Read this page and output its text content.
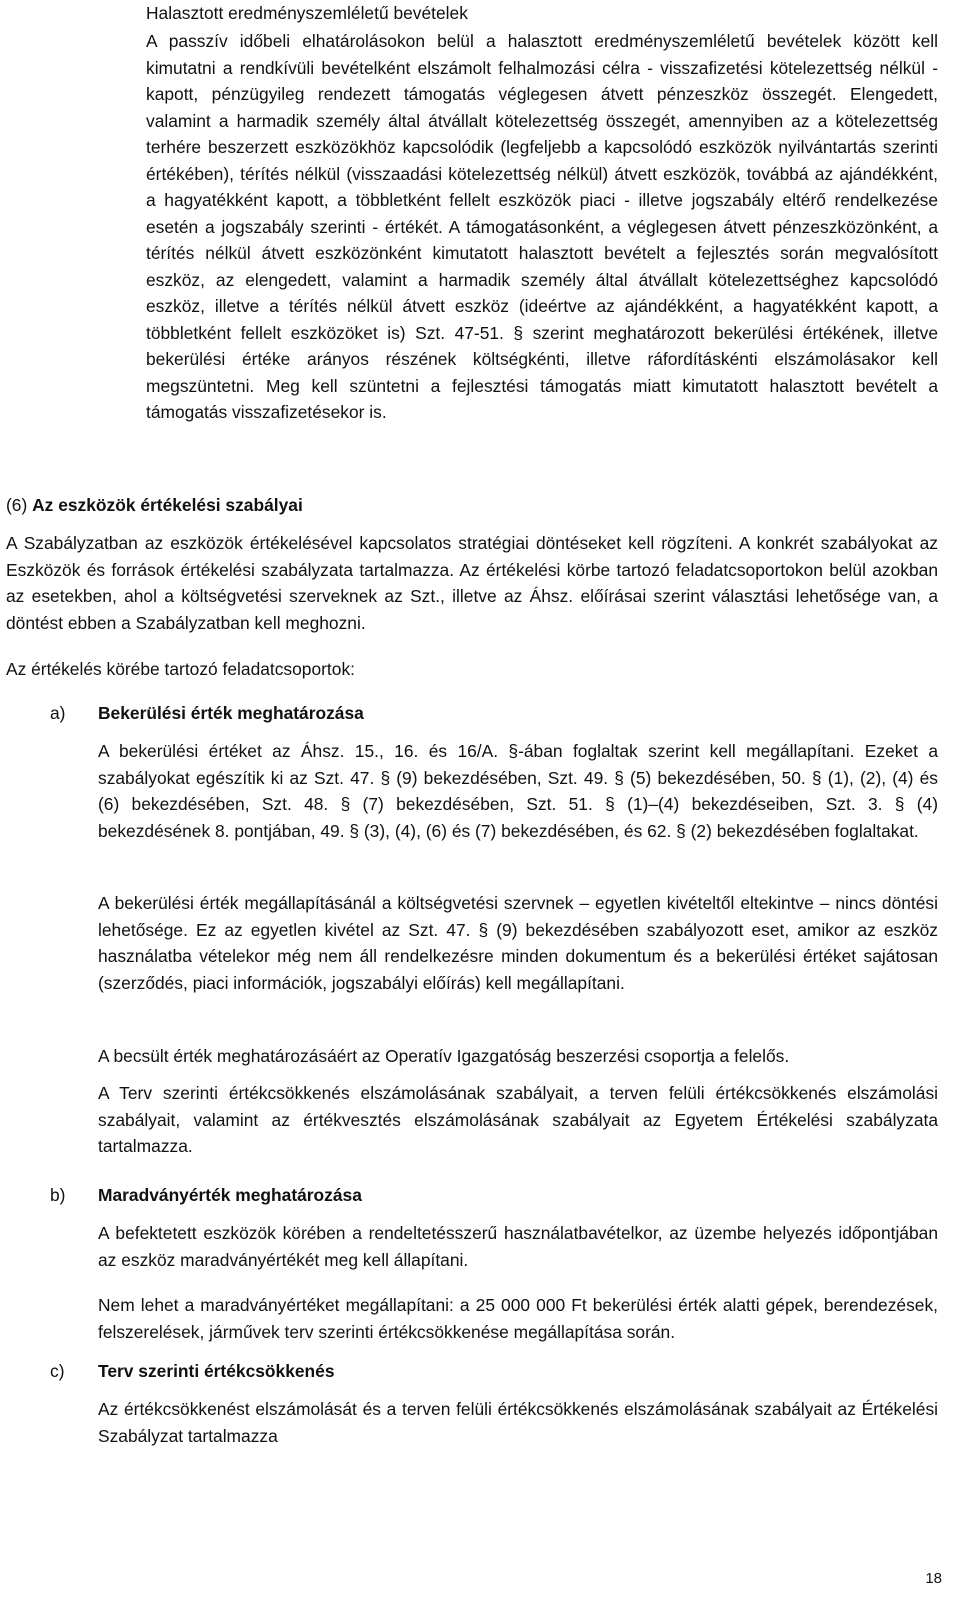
Halasztott eredményszemléletű bevételek

A passzív időbeli elhatárolásokon belül a halasztott eredményszemléletű bevételek között kell kimutatni a rendkívüli bevételként elszámolt felhalmozási célra - visszafizetési kötelezettség nélkül - kapott, pénzügyileg rendezett támogatás véglegesen átvett pénzeszköz összegét. Elengedett, valamint a harmadik személy által átvállalt kötelezettség összegét, amennyiben az a kötelezettség terhére beszerzett eszközökhöz kapcsolódik (legfeljebb a kapcsolódó eszközök nyilvántartás szerinti értékében), térítés nélkül (visszaadási kötelezettség nélkül) átvett eszközök, továbbá az ajándékként, a hagyatékként kapott, a többletként fellelt eszközök piaci - illetve jogszabály eltérő rendelkezése esetén a jogszabály szerinti - értékét. A támogatásonként, a véglegesen átvett pénzeszközönként, a térítés nélkül átvett eszközönként kimutatott halasztott bevételt a fejlesztés során megvalósított eszköz, az elengedett, valamint a harmadik személy által átvállalt kötelezettséghez kapcsolódó eszköz, illetve a térítés nélkül átvett eszköz (ideértve az ajándékként, a hagyatékként kapott, a többletként fellelt eszközöket is) Szt. 47-51. § szerint meghatározott bekerülési értékének, illetve bekerülési értéke arányos részének költségkénti, illetve ráfordításkénti elszámolásakor kell megszüntetni. Meg kell szüntetni a fejlesztési támogatás miatt kimutatott halasztott bevételt a támogatás visszafizetésekor is.

(6) Az eszközök értékelési szabályai

A Szabályzatban az eszközök értékelésével kapcsolatos stratégiai döntéseket kell rögzíteni. A konkrét szabályokat az Eszközök és források értékelési szabályzata tartalmazza. Az értékelési körbe tartozó feladatcsoportokon belül azokban az esetekben, ahol a költségvetési szerveknek az Szt., illetve az Áhsz. előírásai szerint választási lehetősége van, a döntést ebben a Szabályzatban kell meghozni.

Az értékelés körébe tartozó feladatcsoportok:

a) Bekerülési érték meghatározása

A bekerülési értéket az Áhsz. 15., 16. és 16/A. §-ában foglaltak szerint kell megállapítani. Ezeket a szabályokat egészítik ki az Szt. 47. § (9) bekezdésében, Szt. 49. § (5) bekezdésében, 50. § (1), (2), (4) és (6) bekezdésében, Szt. 48. § (7) bekezdésében, Szt. 51. § (1)–(4) bekezdéseiben, Szt. 3. § (4) bekezdésének 8. pontjában, 49. § (3), (4), (6) és (7) bekezdésében, és 62. § (2) bekezdésében foglaltakat.

A bekerülési érték megállapításánál a költségvetési szervnek – egyetlen kivételtől eltekintve – nincs döntési lehetősége. Ez az egyetlen kivétel az Szt. 47. § (9) bekezdésében szabályozott eset, amikor az eszköz használatba vételekor még nem áll rendelkezésre minden dokumentum és a bekerülési értéket sajátosan (szerződés, piaci információk, jogszabályi előírás) kell megállapítani.

A becsült érték meghatározásáért az Operatív Igazgatóság beszerzési csoportja a felelős.

A Terv szerinti értékcsökkenés elszámolásának szabályait, a terven felüli értékcsökkenés elszámolási szabályait, valamint az értékvesztés elszámolásának szabályait az Egyetem Értékelési szabályzata tartalmazza.

b) Maradványérték meghatározása

A befektetett eszközök körében a rendeltetésszerű használatbavételkor, az üzembe helyezés időpontjában az eszköz maradványértékét meg kell állapítani.

Nem lehet a maradványértéket megállapítani: a 25 000 000 Ft bekerülési érték alatti gépek, berendezések, felszerelések, járművek terv szerinti értékcsökkenése megállapítása során.

c) Terv szerinti értékcsökkenés

Az értékcsökkenést elszámolását és a terven felüli értékcsökkenés elszámolásának szabályait az Értékelési Szabályzat tartalmazza

18
